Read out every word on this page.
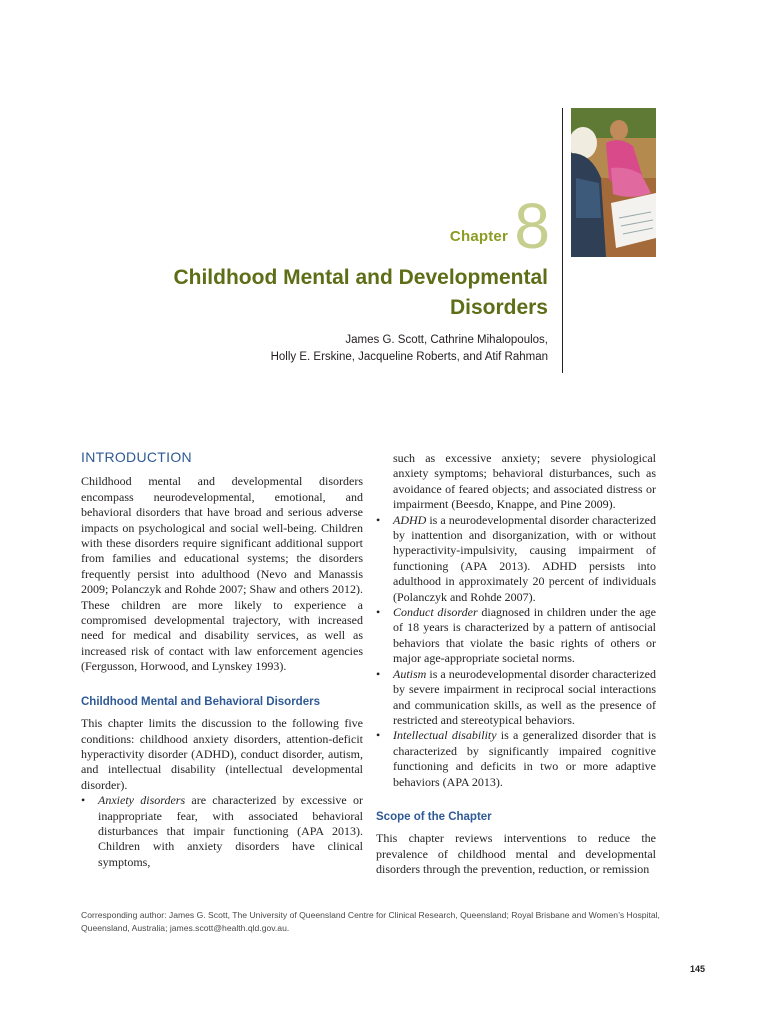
Chapter 8
Childhood Mental and Developmental
Disorders
James G. Scott, Cathrine Mihalopoulos,
Holly E. Erskine, Jacqueline Roberts, and Atif Rahman
INTRODUCTION

Childhood mental and developmental disorders encompass neurodevelopmental, emotional, and behavioral disorders that have broad and serious adverse impacts on psychological and social well-being. Children with these disorders require significant additional support from families and educational systems; the disorders frequently persist into adulthood (Nevo and Manassis 2009; Polanczyk and Rohde 2007; Shaw and others 2012). These children are more likely to experience a compromised developmental trajectory, with increased need for medical and disability services, as well as increased risk of contact with law enforcement agencies (Fergusson, Horwood, and Lynskey 1993).

Childhood Mental and Behavioral Disorders

This chapter limits the discussion to the following five conditions: childhood anxiety disorders, attention-deficit hyperactivity disorder (ADHD), conduct disorder, autism, and intellectual disability (intellectual developmental disorder).

• Anxiety disorders are characterized by excessive or inappropriate fear, with associated behavioral disturbances that impair functioning (APA 2013). Children with anxiety disorders have clinical symptoms,

such as excessive anxiety; severe physiological anxiety symptoms; behavioral disturbances, such as avoidance of feared objects; and associated distress or impairment (Beesdo, Knappe, and Pine 2009).

• ADHD is a neurodevelopmental disorder characterized by inattention and disorganization, with or without hyperactivity-impulsivity, causing impairment of functioning (APA 2013). ADHD persists into adulthood in approximately 20 percent of individuals (Polanczyk and Rohde 2007).
• Conduct disorder diagnosed in children under the age of 18 years is characterized by a pattern of antisocial behaviors that violate the basic rights of others or major age-appropriate societal norms.
• Autism is a neurodevelopmental disorder characterized by severe impairment in reciprocal social interactions and communication skills, as well as the presence of restricted and stereotypical behaviors.
• Intellectual disability is a generalized disorder that is characterized by significantly impaired cognitive functioning and deficits in two or more adaptive behaviors (APA 2013).
Scope of the Chapter

This chapter reviews interventions to reduce the prevalence of childhood mental and developmental disorders through the prevention, reduction, or remission

Corresponding author: James G. Scott, The University of Queensland Centre for Clinical Research, Queensland; Royal Brisbane and Women’s Hospital, Queensland, Australia; james.scott@health.qld.gov.au.
145
